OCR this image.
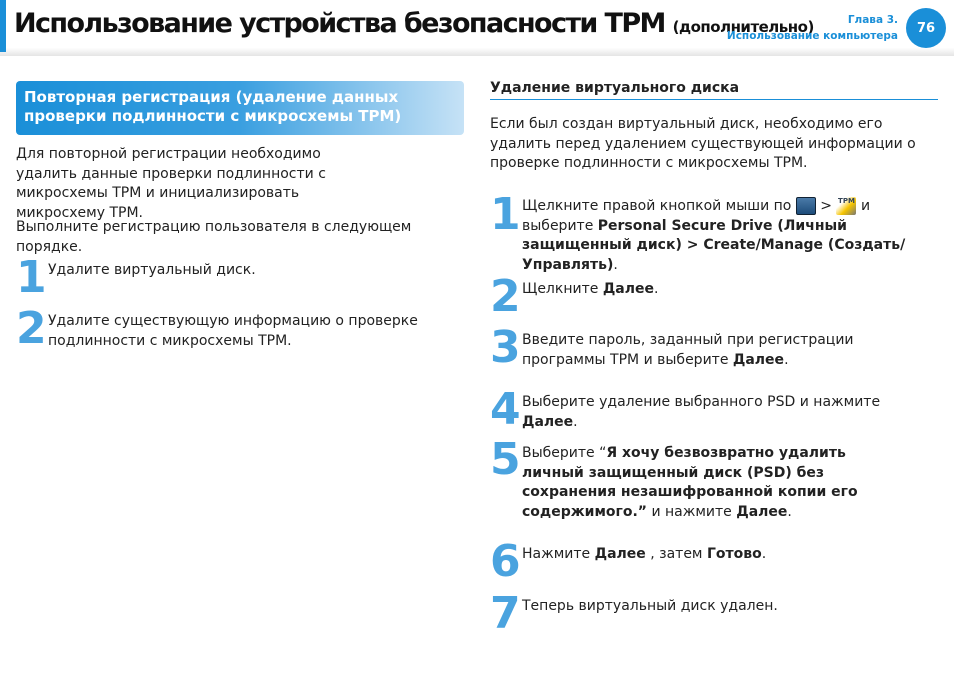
Использование устройства безопасности TPM (дополнительно)	Глава 3.
Использование компьютера
76
Повторная регистрация (удаление данных проверки подлинности с микросхемы TPM)
Для повторной регистрации необходимо удалить данные проверки подлинности с микросхемы TPM и инициализировать микросхему TPM.
Выполните регистрацию пользователя в следующем порядке.
1 Удалите виртуальный диск.
2 Удалите существующую информацию о проверке подлинности с микросхемы TPM.
Удаление виртуального диска
Если был создан виртуальный диск, необходимо его удалить перед удалением существующей информации о проверке подлинности с микросхемы TPM.
1 Щелкните правой кнопкой мыши по > TPM и выберите Personal Secure Drive (Личный защищенный диск) > Create/Manage (Создать/Управлять).
2 Щелкните Далее.
3 Введите пароль, заданный при регистрации программы TPM и выберите Далее.
4 Выберите удаление выбранного PSD и нажмите Далее.
5 Выберите “Я хочу безвозвратно удалить личный защищенный диск (PSD) без сохранения незашифрованной копии его содержимого.” и нажмите Далее.
6 Нажмите Далее , затем Готово.
7 Теперь виртуальный диск удален.
